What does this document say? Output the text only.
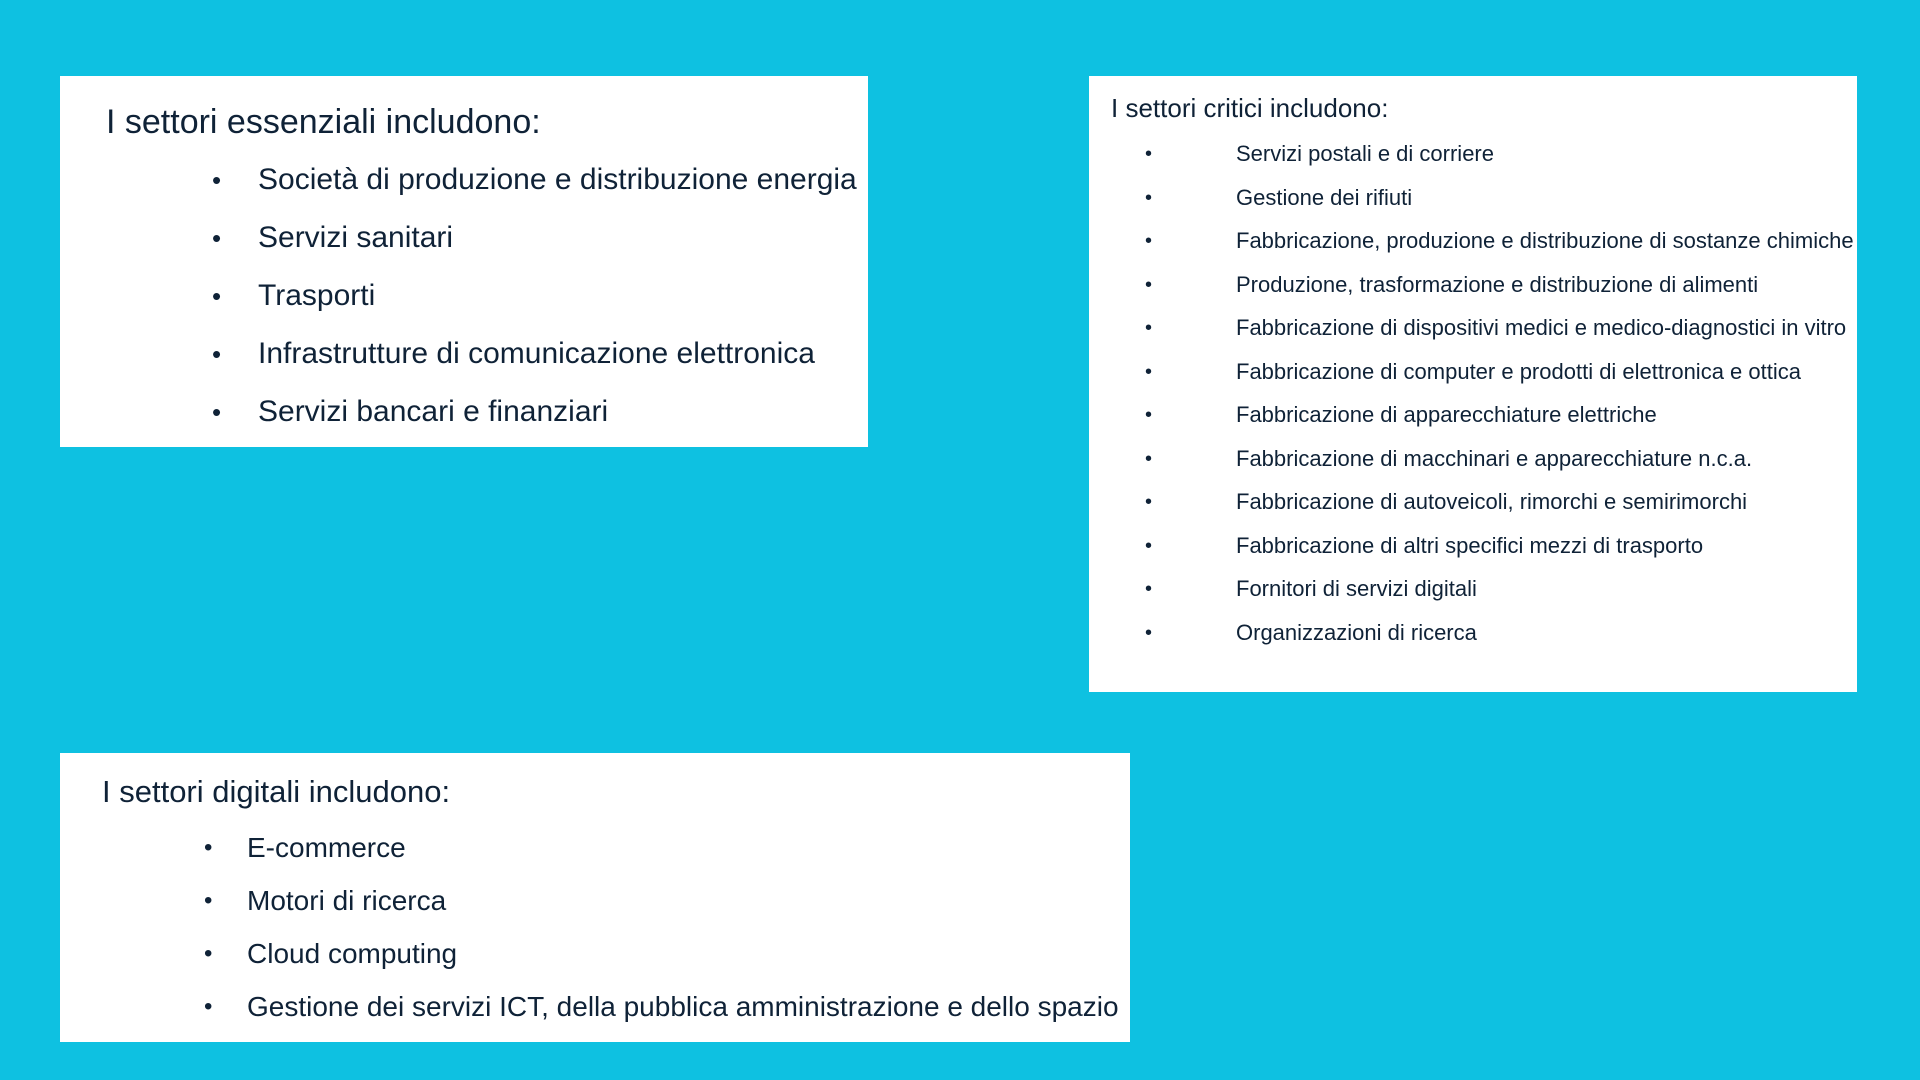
I settori essenziali includono:
• Società di produzione e distribuzione energia
• Servizi sanitari
• Trasporti
• Infrastrutture di comunicazione elettronica
• Servizi bancari e finanziari
I settori critici includono:
•	Servizi postali e di corriere
•	Gestione dei rifiuti
•	Fabbricazione, produzione e distribuzione di sostanze chimiche
•	Produzione, trasformazione e distribuzione di alimenti
•	Fabbricazione di dispositivi medici e medico-diagnostici in vitro
•	Fabbricazione di computer e prodotti di elettronica e ottica
•	Fabbricazione di apparecchiature elettriche
•	Fabbricazione di macchinari e apparecchiature n.c.a.
•	Fabbricazione di autoveicoli, rimorchi e semirimorchi
•	Fabbricazione di altri specifici mezzi di trasporto
•	Fornitori di servizi digitali
•	Organizzazioni di ricerca
I settori digitali includono:
• E-commerce
• Motori di ricerca
• Cloud computing
• Gestione dei servizi ICT, della pubblica amministrazione e dello spazio
